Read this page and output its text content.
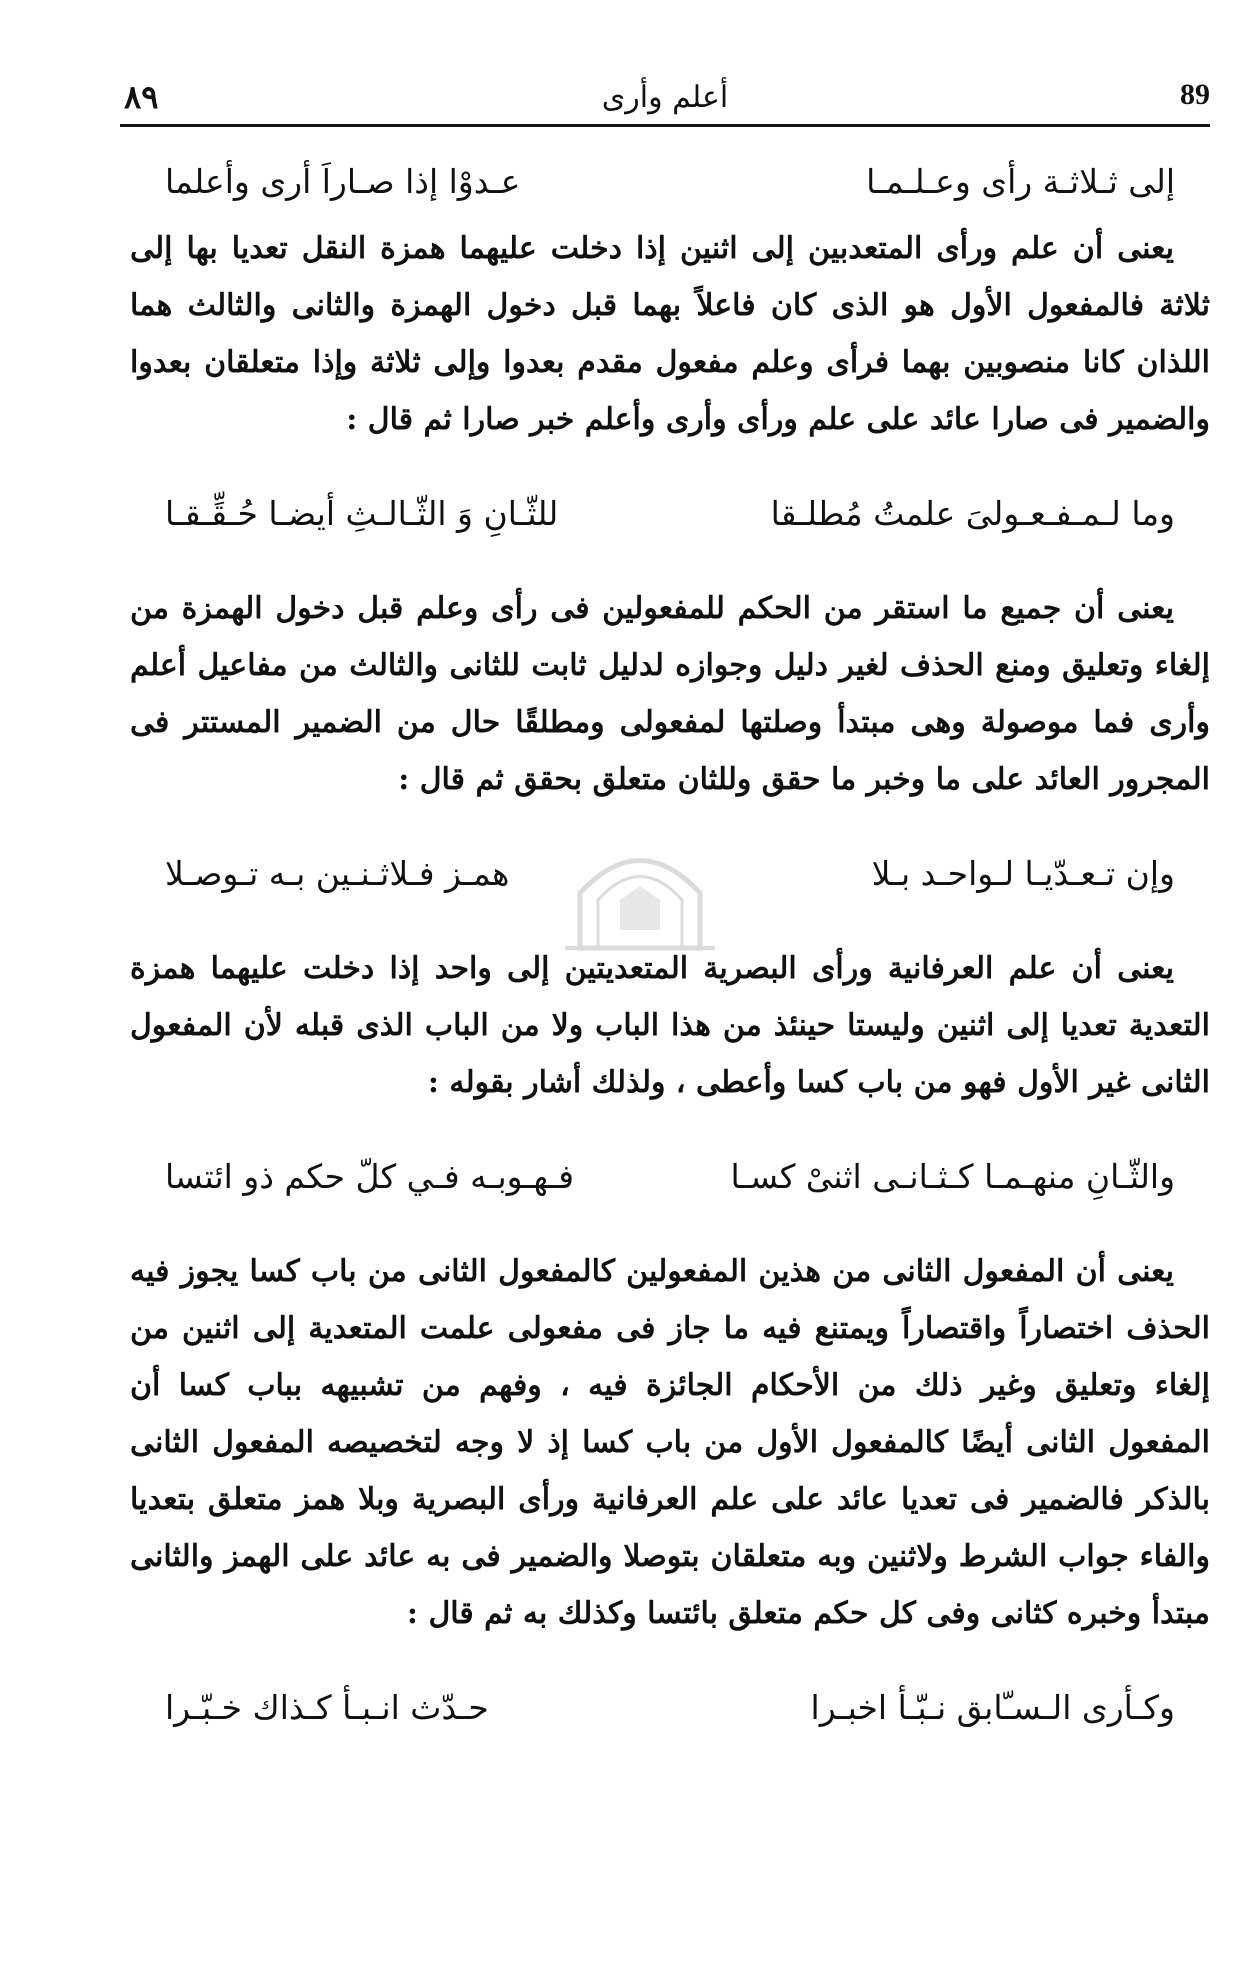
89
أعلم وأرى
٨٩
إلى ثـلاثـة رأى وعـلـمـا
عـدوْا إذا صـاراَ أرى وأعلما

يعنى أن علم ورأى المتعدبين إلى اثنين إذا دخلت عليهما همزة النقل تعديا بها إلى ثلاثة فالمفعول الأول هو الذى كان فاعلاً بهما قبل دخول الهمزة والثانى والثالث هما اللذان كانا منصوبين بهما فرأى وعلم مفعول مقدم بعدوا وإلى ثلاثة وإذا متعلقان بعدوا والضمير فى صارا عائد على علم ورأى وأرى وأعلم خبر صارا ثم قال :

وما لـمـفـعـولىَ علمتُ مُطلـقا
للثّـانِ وَ الثّـالـثِ أيضـا حُـقِّـقـا

يعنى أن جميع ما استقر من الحكم للمفعولين فى رأى وعلم قبل دخول الهمزة من إلغاء وتعليق ومنع الحذف لغير دليل وجوازه لدليل ثابت للثانى والثالث من مفاعيل أعلم وأرى فما موصولة وهى مبتدأ وصلتها لمفعولى ومطلقًا حال من الضمير المستتر فى المجرور العائد على ما وخبر ما حقق وللثان متعلق بحقق ثم قال :

وإن تـعـدّيـا لـواحـد بـلا
همـز فـلاثـنـين بـه تـوصـلا

يعنى أن علم العرفانية ورأى البصرية المتعديتين إلى واحد إذا دخلت عليهما همزة التعدية تعديا إلى اثنين وليستا حينئذ من هذا الباب ولا من الباب الذى قبله لأن المفعول الثانى غير الأول فهو من باب كسا وأعطى ، ولذلك أشار بقوله :

والثّـانِ منهـمـا كـثـانـى اثنىْ كسـا
فـهـوبـه فـي كلّ حكم ذو ائتسا

يعنى أن المفعول الثانى من هذين المفعولين كالمفعول الثانى من باب كسا يجوز فيه الحذف اختصاراً واقتصاراً ويمتنع فيه ما جاز فى مفعولى علمت المتعدية إلى اثنين من إلغاء وتعليق وغير ذلك من الأحكام الجائزة فيه ، وفهم من تشبيهه بباب كسا أن المفعول الثانى أيضًا كالمفعول الأول من باب كسا إذ لا وجه لتخصيصه المفعول الثانى بالذكر فالضمير فى تعديا عائد على علم العرفانية ورأى البصرية وبلا همز متعلق بتعديا والفاء جواب الشرط ولاثنين وبه متعلقان بتوصلا والضمير فى به عائد على الهمز والثانى مبتدأ وخبره كثانى وفى كل حكم متعلق بائتسا وكذلك به ثم قال :

وكـأرى الـسـّابق نـبّـأ اخبـرا
حـدّث انـبـأ كـذاك خـبّـرا
